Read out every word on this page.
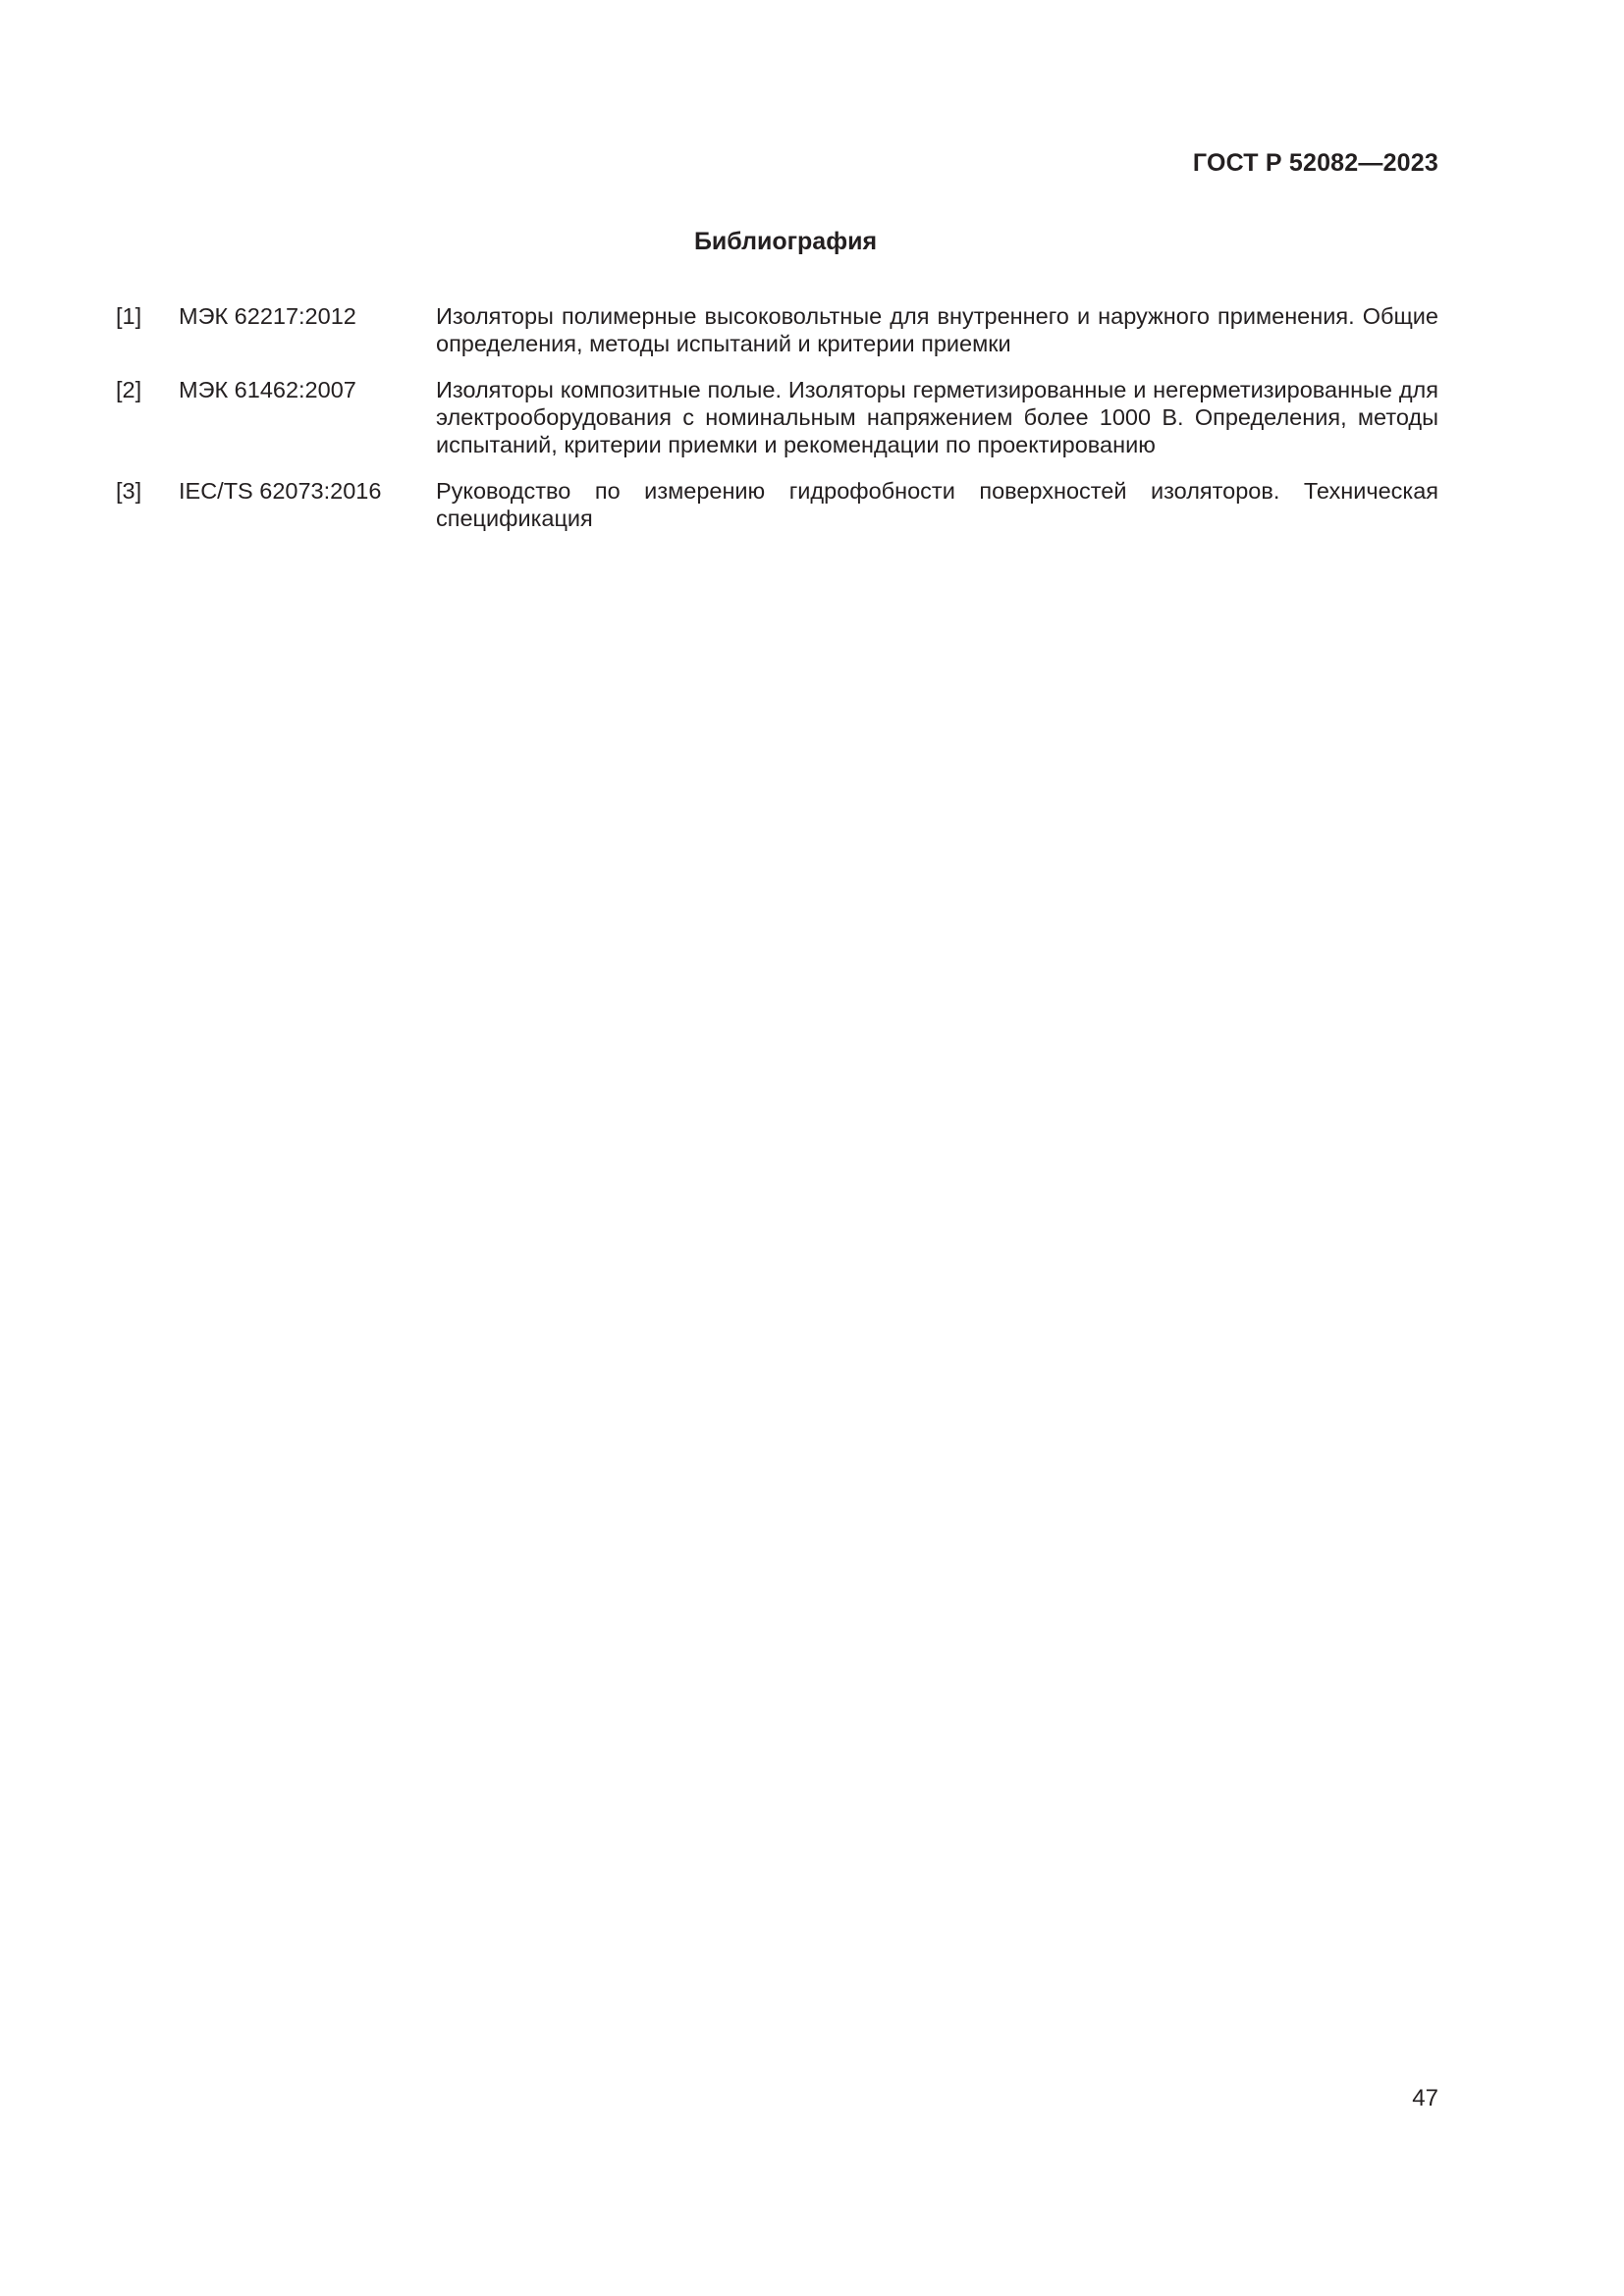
ГОСТ Р 52082—2023
Библиография
[1]	МЭК 62217:2012	Изоляторы полимерные высоковольтные для внутреннего и наружного применения. Общие определения, методы испытаний и критерии приемки
[2]	МЭК 61462:2007	Изоляторы композитные полые. Изоляторы герметизированные и негерметизированные для электрооборудования с номинальным напряжением более 1000 В. Определения, методы испытаний, критерии приемки и рекомендации по проектированию
[3]	IEC/TS 62073:2016	Руководство по измерению гидрофобности поверхностей изоляторов. Техническая спецификация
47
